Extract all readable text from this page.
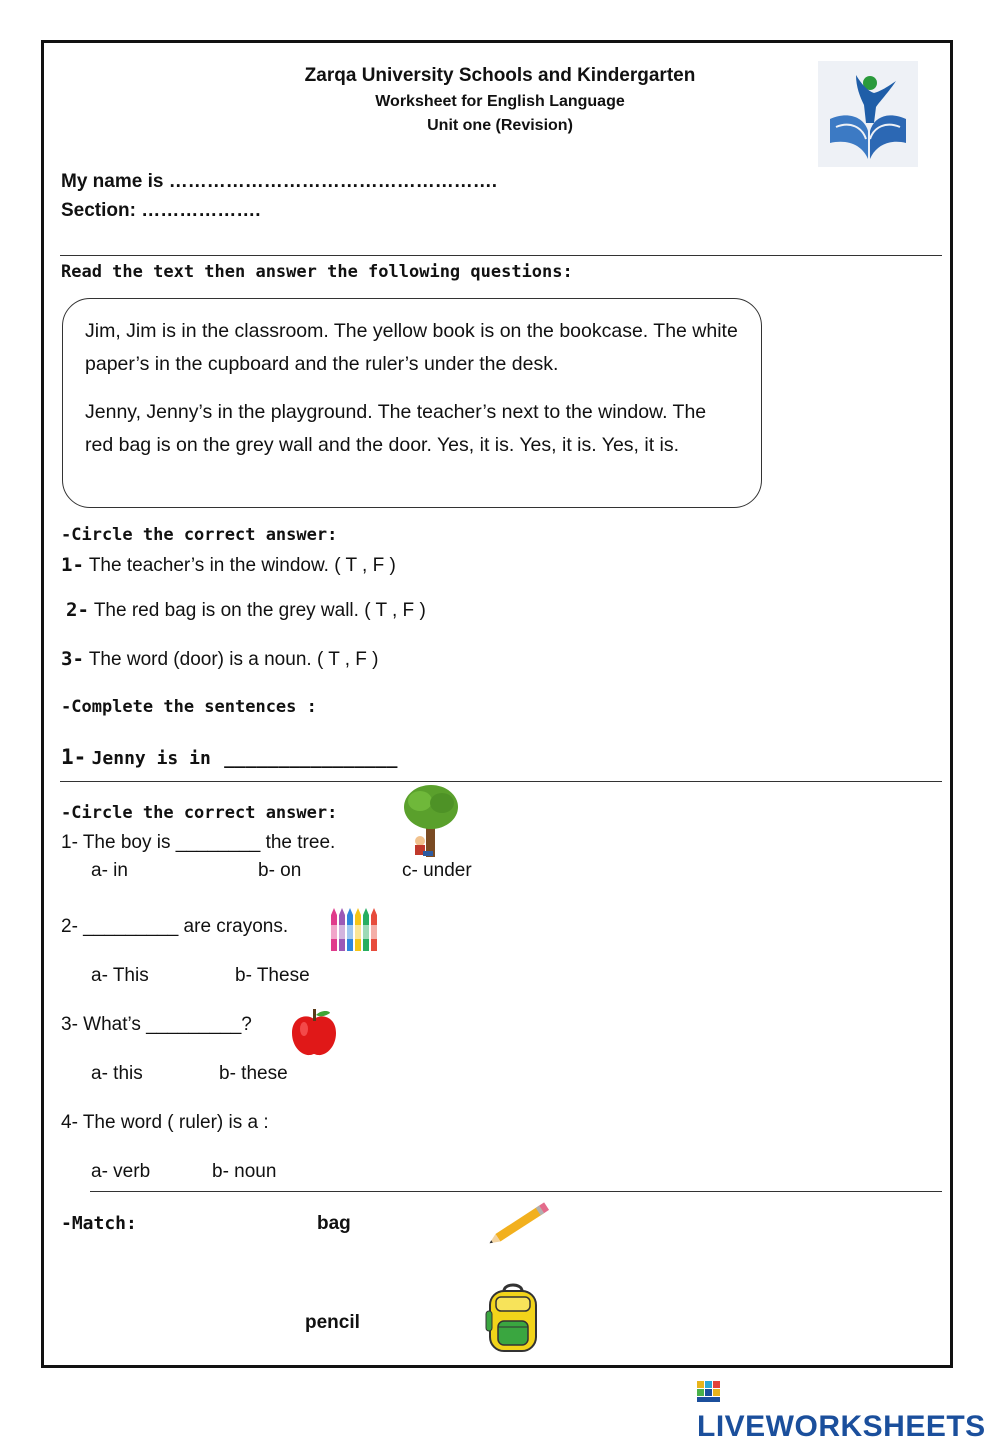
Zarqa University Schools and Kindergarten
Worksheet for English Language
Unit one (Revision)
My name is …………………………………………….
Section: ……………….
Read the text then answer the following questions:

Jim, Jim is in the classroom. The yellow book is on the bookcase. The white paper’s in the cupboard and the ruler’s under the desk.

Jenny, Jenny’s in the playground. The teacher’s next to the window. The red bag is on the grey wall and the door. Yes, it is. Yes, it is. Yes, it is.

-Circle the correct answer:
1- The teacher’s in the window. ( T , F )
2- The red bag is on the grey wall. ( T , F )
3- The word (door) is a noun. ( T , F )
-Complete the sentences :
1- Jenny is in ________________
-Circle the correct answer:
1- The boy is ________ the tree.
a- in	b- on	c- under
2- _________ are crayons.
a- This	b- These
3- What’s _________?
a- this	b- these
4- The word ( ruler) is a :
a- verb	b- noun
-Match:	bag
pencil
LIVEWORKSHEETS
